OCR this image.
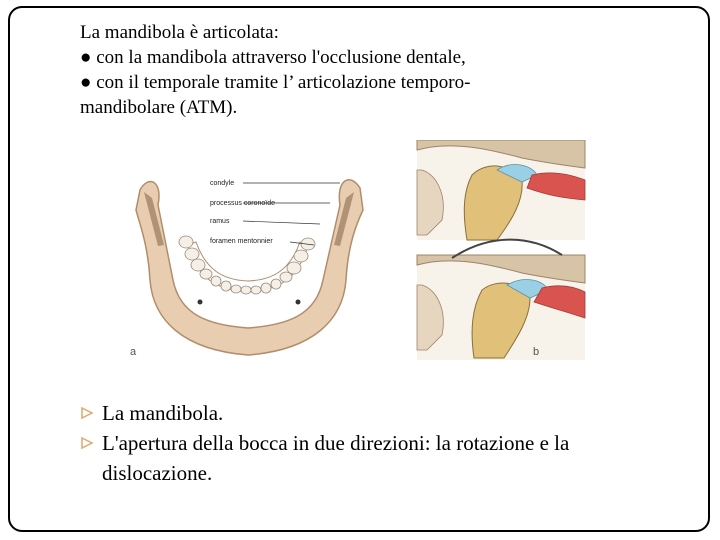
La mandibola è articolata:
● con la mandibola attraverso l'occlusione dentale,
● con il temporale tramite l’ articolazione temporo-
mandibolare (ATM).
condyle
processus coronoïde
ramus
foramen mentonnier
a	b
La mandibola.
L'apertura della bocca in due direzioni: la rotazione e la dislocazione.
